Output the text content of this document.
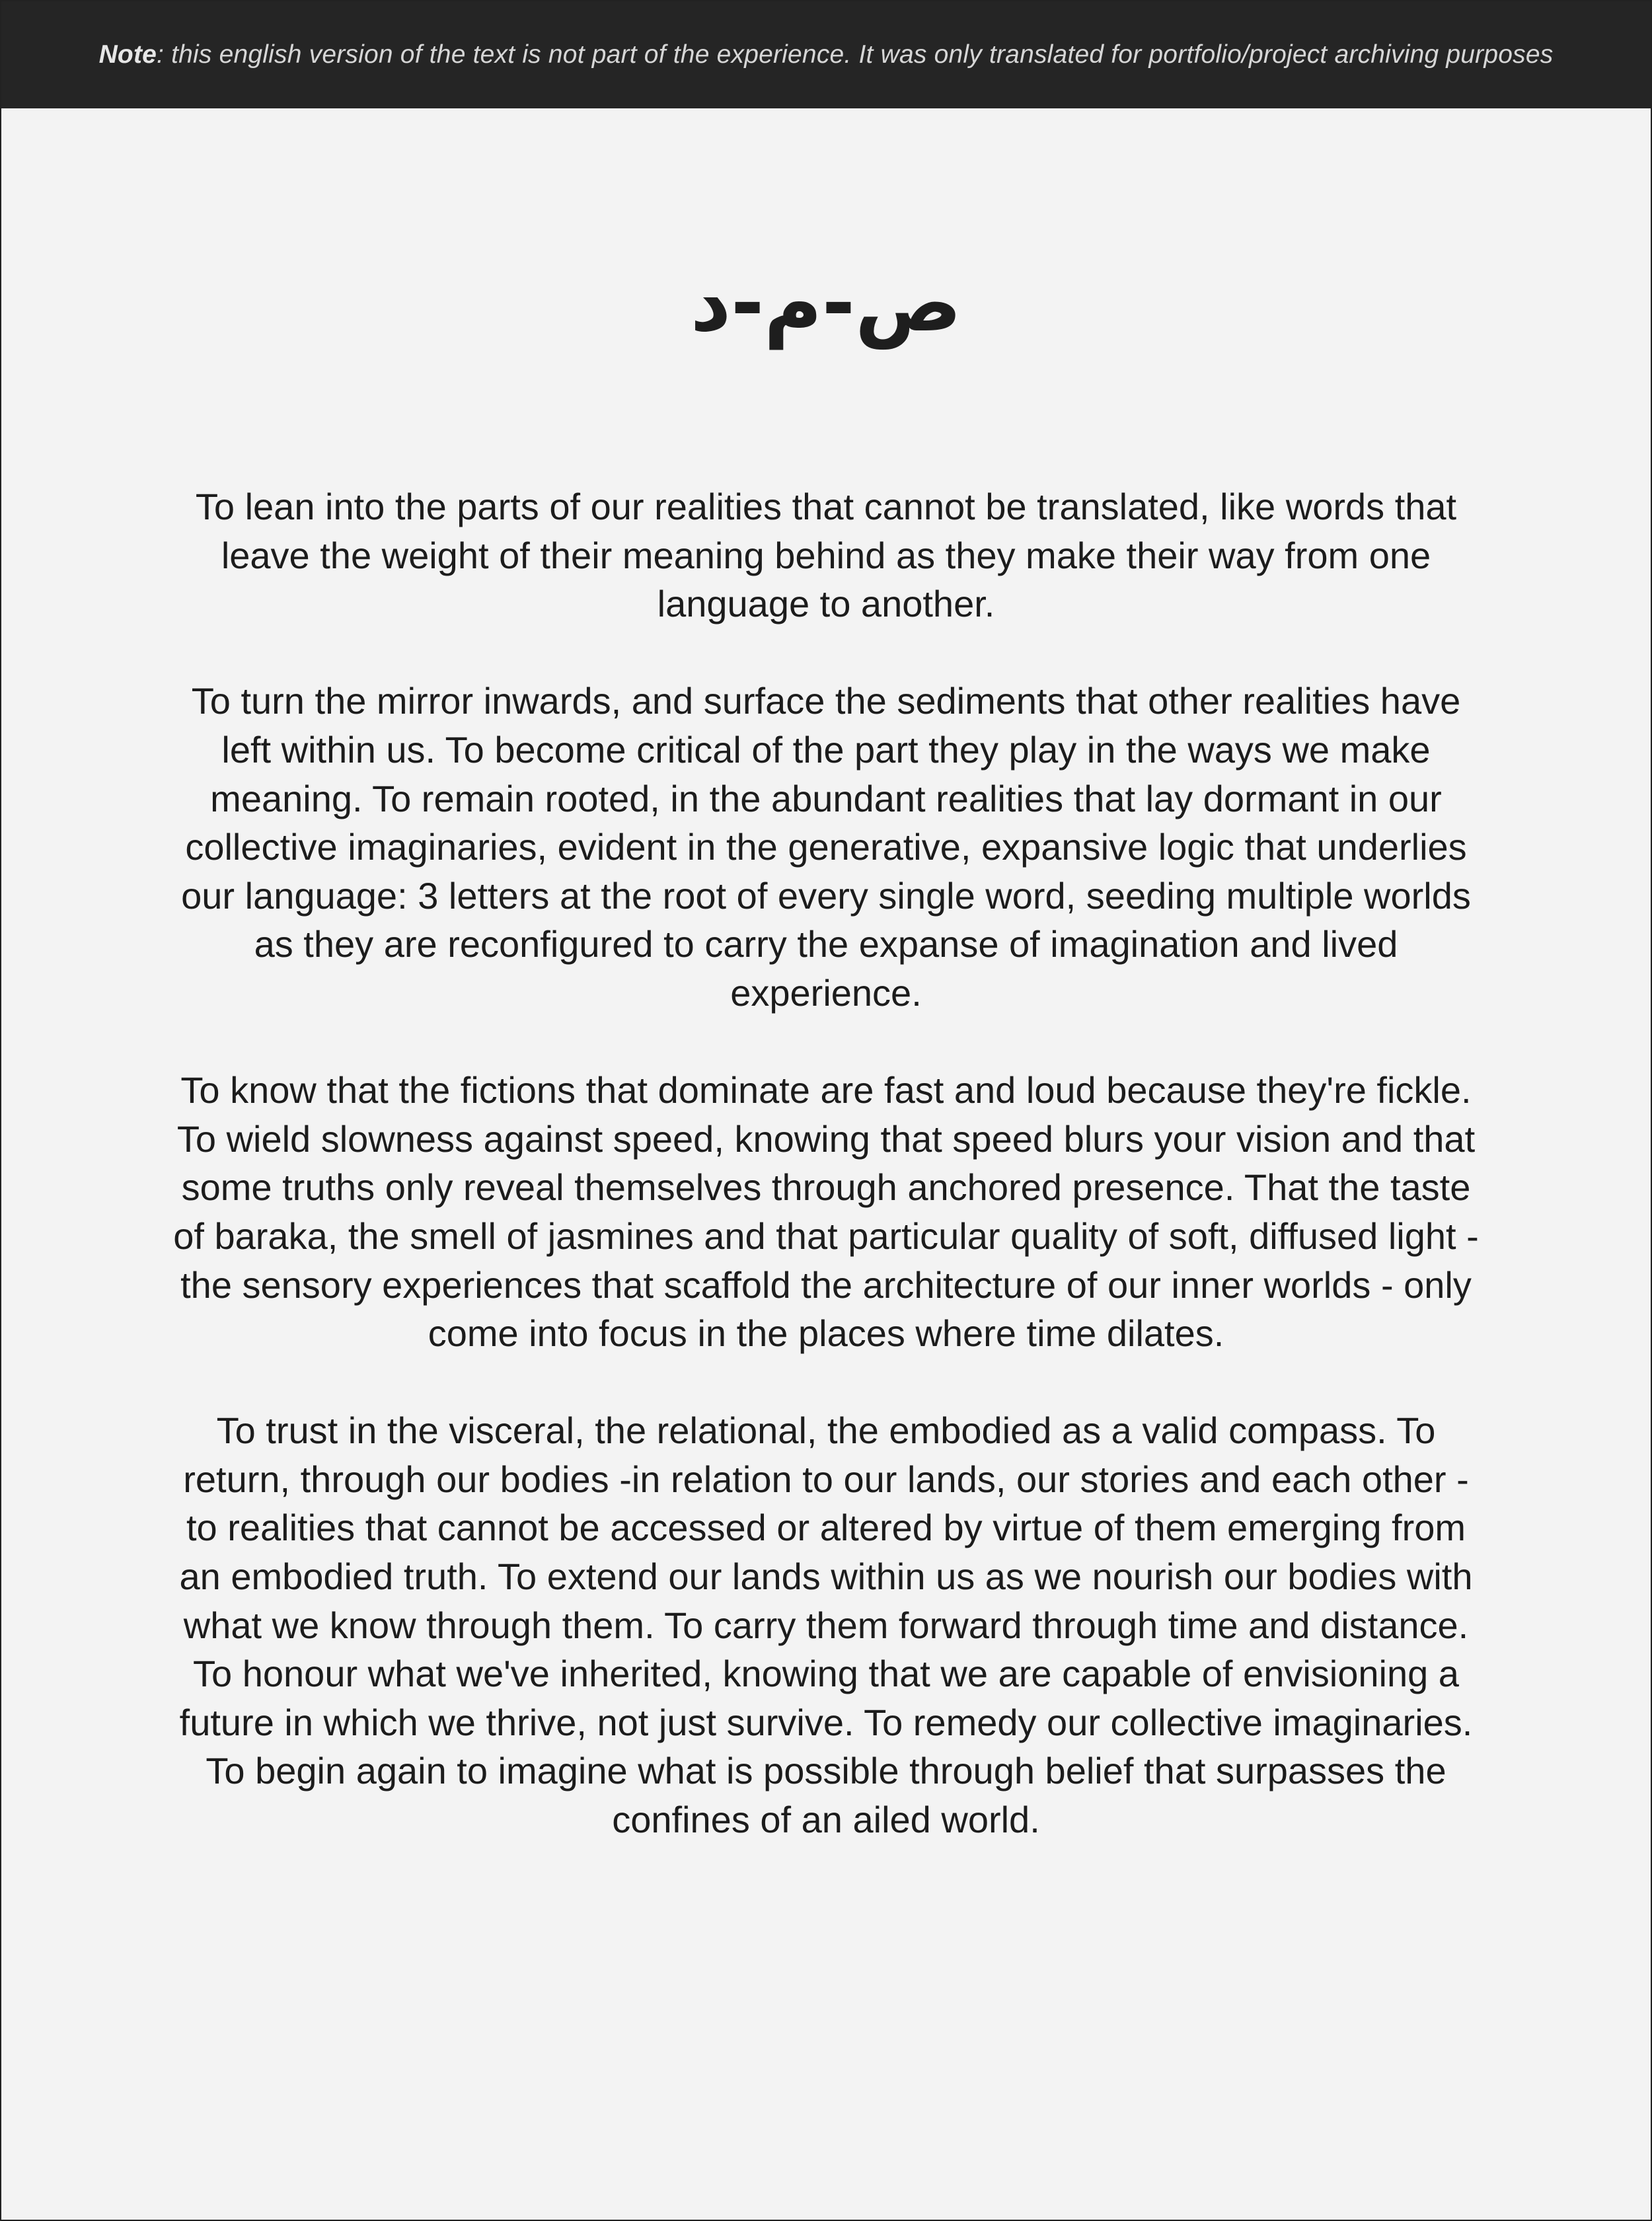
Note: this english version of the text is not part of the experience. It was only translated for portfolio/project archiving purposes
ص-م-د

To lean into the parts of our realities that cannot be translated, like words that leave the weight of their meaning behind as they make their way from one language to another.

To turn the mirror inwards, and surface the sediments that other realities have left within us. To become critical of the part they play in the ways we make meaning. To remain rooted, in the abundant realities that lay dormant in our collective imaginaries, evident in the generative, expansive logic that underlies our language: 3 letters at the root of every single word, seeding multiple worlds as they are reconfigured to carry the expanse of imagination and lived experience.

To know that the fictions that dominate are fast and loud because they're fickle. To wield slowness against speed, knowing that speed blurs your vision and that some truths only reveal themselves through anchored presence. That the taste of baraka, the smell of jasmines and that particular quality of soft, diffused light - the sensory experiences that scaffold the architecture of our inner worlds - only come into focus in the places where time dilates.

To trust in the visceral, the relational, the embodied as a valid compass. To return, through our bodies -in relation to our lands, our stories and each other - to realities that cannot be accessed or altered by virtue of them emerging from an embodied truth. To extend our lands within us as we nourish our bodies with what we know through them. To carry them forward through time and distance. To honour what we've inherited, knowing that we are capable of envisioning a future in which we thrive, not just survive. To remedy our collective imaginaries. To begin again to imagine what is possible through belief that surpasses the confines of an ailed world.
